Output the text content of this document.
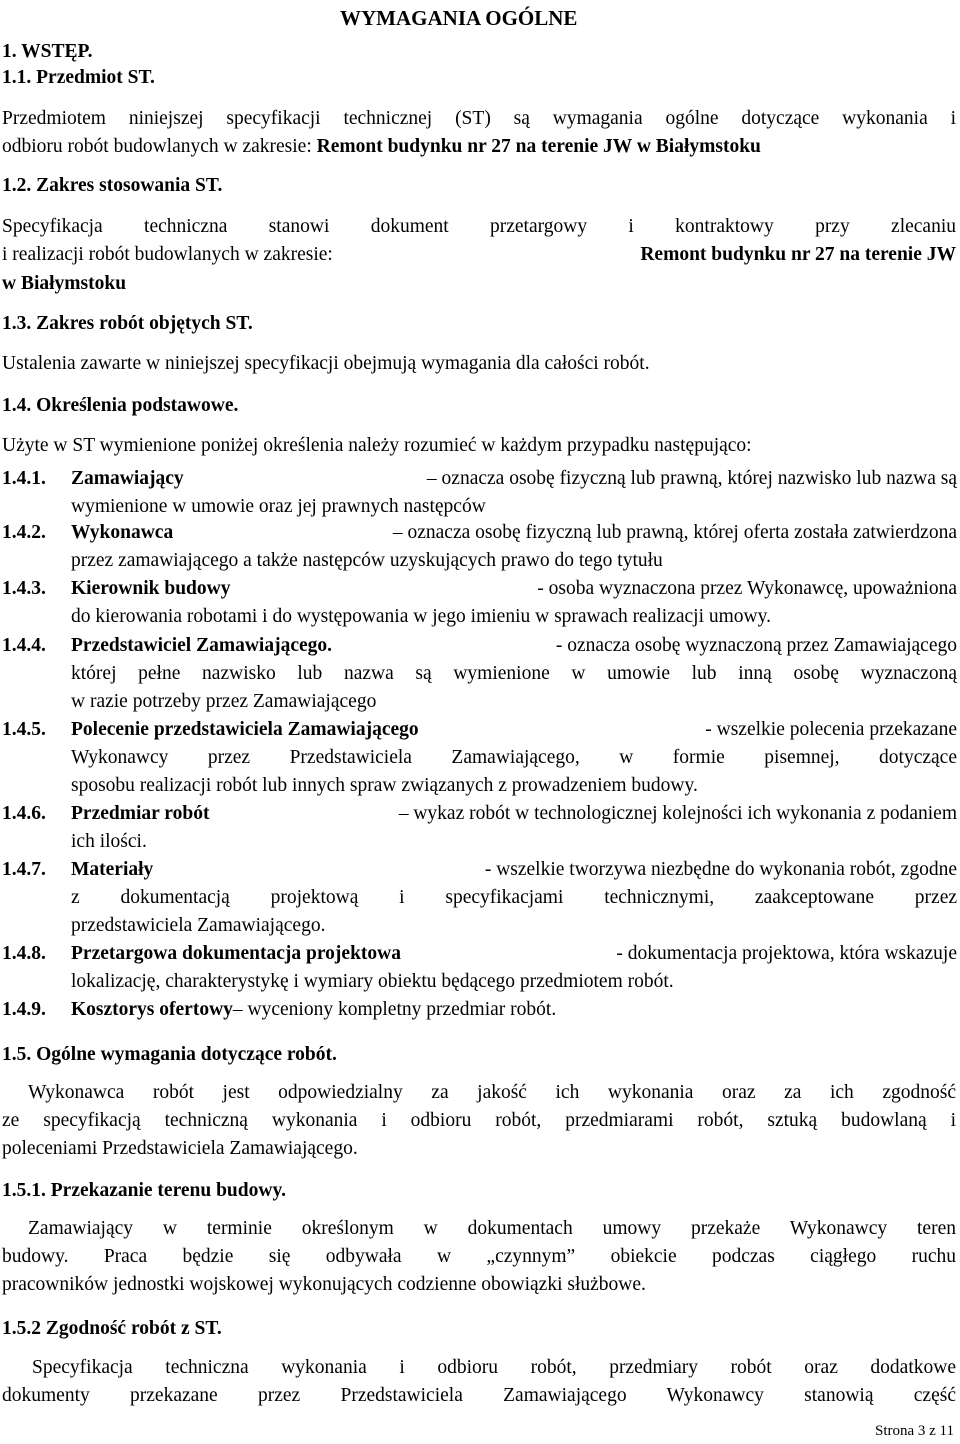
WYMAGANIA OGÓLNE
1. WSTĘP.
1.1. Przedmiot ST.
Przedmiotem niniejszej specyfikacji technicznej (ST) są wymagania ogólne dotyczące wykonania i
odbioru robót budowlanych w zakresie: Remont budynku nr 27 na terenie JW w Białymstoku
1.2. Zakres stosowania ST.
Specyfikacja techniczna stanowi dokument przetargowy i kontraktowy przy zlecaniu
i realizacji robót budowlanych w zakresie:	Remont budynku nr 27 na terenie JW
w Białymstoku
1.3. Zakres robót objętych ST.
Ustalenia zawarte w niniejszej specyfikacji obejmują wymagania dla całości robót.
1.4. Określenia podstawowe.
Użyte w ST wymienione poniżej określenia należy rozumieć w każdym przypadku następująco:
1.4.1. Zamawiający	– oznacza osobę fizyczną lub prawną, której nazwisko lub nazwa są
wymienione w umowie oraz jej prawnych następców
1.4.2. Wykonawca	– oznacza osobę fizyczną lub prawną, której oferta została zatwierdzona
przez zamawiającego a także następców uzyskujących prawo do tego tytułu
1.4.3. Kierownik budowy	- osoba wyznaczona przez Wykonawcę, upoważniona
do kierowania robotami i do występowania w jego imieniu w sprawach realizacji umowy.
1.4.4. Przedstawiciel Zamawiającego.	- oznacza osobę wyznaczoną przez Zamawiającego
której pełne nazwisko lub nazwa są wymienione w umowie lub inną osobę wyznaczoną
w razie potrzeby przez Zamawiającego
1.4.5. Polecenie przedstawiciela Zamawiającego	- wszelkie polecenia przekazane
Wykonawcy przez Przedstawiciela Zamawiającego, w formie pisemnej, dotyczące
sposobu realizacji robót lub innych spraw związanych z prowadzeniem budowy.
1.4.6. Przedmiar robót	– wykaz robót w technologicznej kolejności ich wykonania z podaniem
ich ilości.
1.4.7. Materiały	- wszelkie tworzywa niezbędne do wykonania robót, zgodne
z dokumentacją projektową i specyfikacjami technicznymi, zaakceptowane przez
przedstawiciela Zamawiającego.
1.4.8. Przetargowa dokumentacja projektowa	- dokumentacja projektowa, która wskazuje
lokalizację, charakterystykę i wymiary obiektu będącego przedmiotem robót.
1.4.9. Kosztorys ofertowy – wyceniony kompletny przedmiar robót.
1.5. Ogólne wymagania dotyczące robót.
Wykonawca robót jest odpowiedzialny za jakość ich wykonania oraz za ich zgodność
ze specyfikacją techniczną wykonania i odbioru robót, przedmiarami robót, sztuką budowlaną i
poleceniami Przedstawiciela Zamawiającego.
1.5.1. Przekazanie terenu budowy.
Zamawiający w terminie określonym w dokumentach umowy przekaże Wykonawcy teren
budowy. Praca będzie się odbywała w „czynnym” obiekcie podczas ciągłego ruchu
pracowników jednostki wojskowej wykonujących codzienne obowiązki służbowe.
1.5.2 Zgodność robót z ST.
Specyfikacja techniczna wykonania i odbioru robót, przedmiary robót oraz dodatkowe
dokumenty przekazane przez Przedstawiciela Zamawiającego Wykonawcy stanowią część
Strona 3 z 11
